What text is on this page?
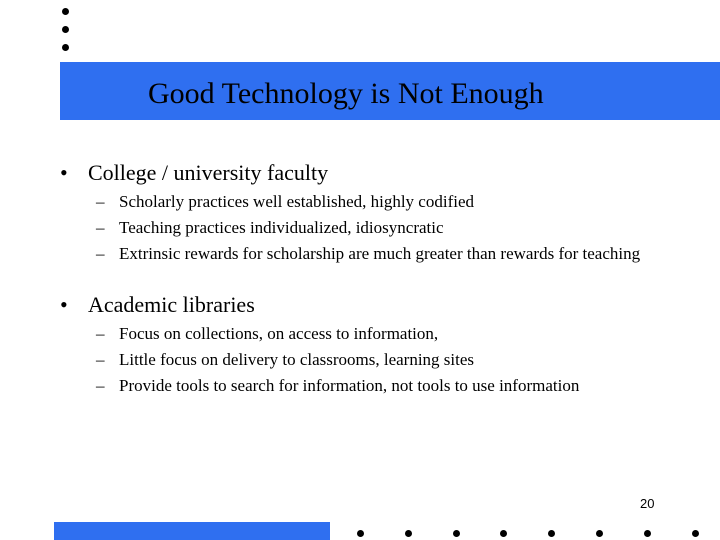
Good Technology is Not Enough
• College / university faculty
– Scholarly practices well established, highly codified
– Teaching practices individualized, idiosyncratic
– Extrinsic rewards for scholarship are much greater than rewards for teaching
• Academic libraries
– Focus on collections, on access to information,
– Little focus on delivery to classrooms, learning sites
– Provide tools to search for information, not tools to use information
20
